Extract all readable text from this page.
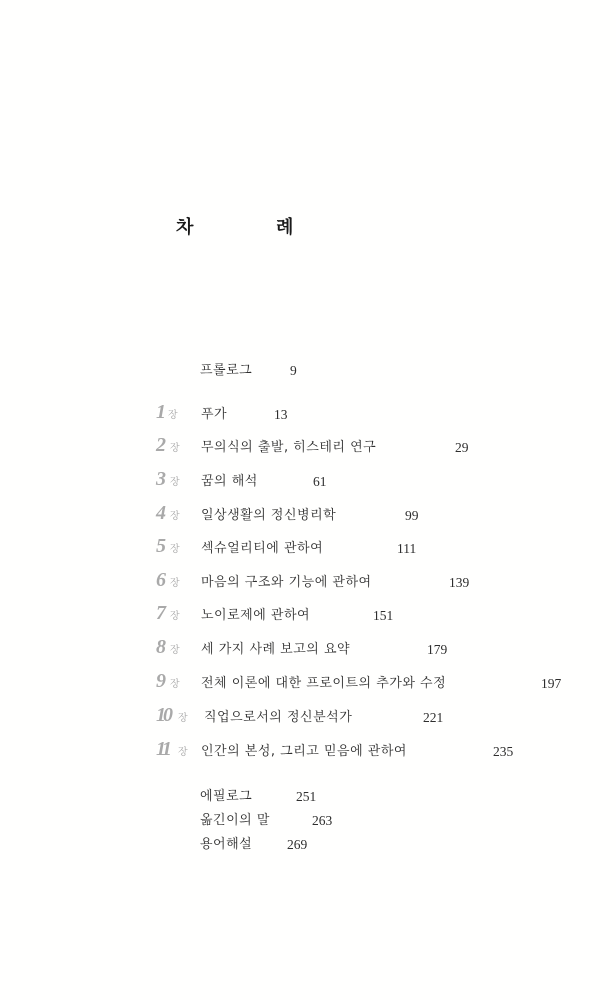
차	례
프롤로그	9
1 장 푸가	13
2 장 무의식의 출발, 히스테리 연구	29
3 장 꿈의 해석	61
4 장 일상생활의 정신병리학	99
5 장 섹슈얼리티에 관하여	111
6 장 마음의 구조와 기능에 관하여	139
7 장 노이로제에 관하여	151
8 장 세 가지 사례 보고의 요약	179
9 장 전체 이론에 대한 프로이트의 추가와 수정	197
10 장 직업으로서의 정신분석가	221
11 장 인간의 본성, 그리고 믿음에 관하여	235
에필로그	251
옮긴이의 말	263
용어해설	269
